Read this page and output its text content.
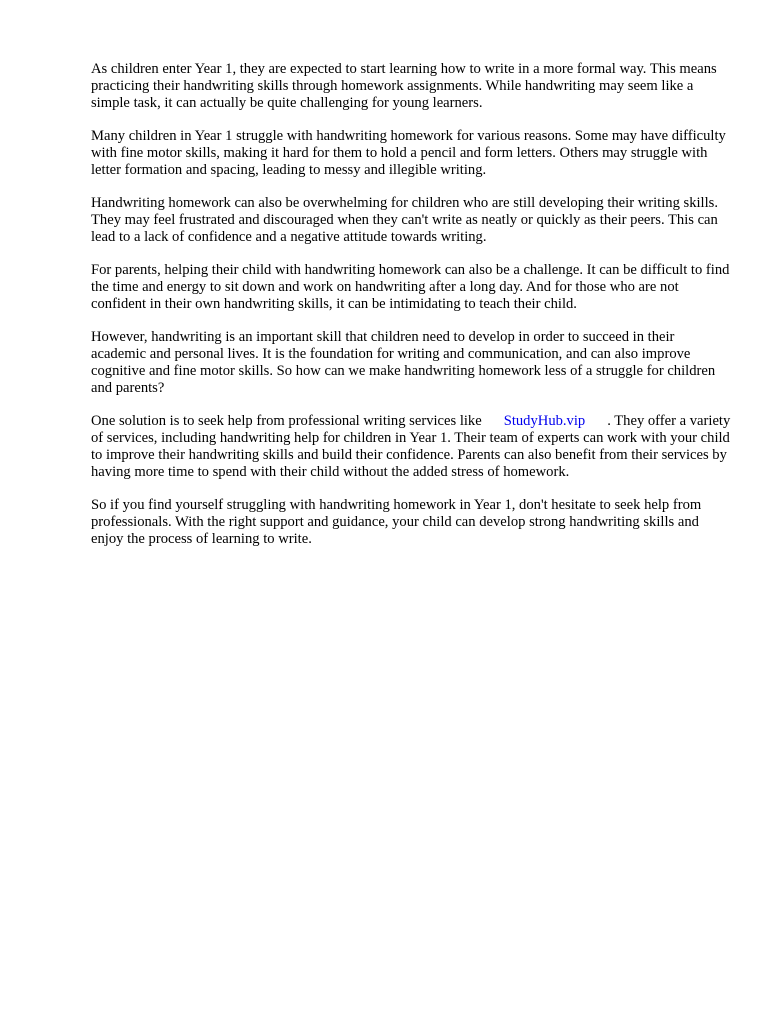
As children enter Year 1, they are expected to start learning how to write in a more formal way. This means practicing their handwriting skills through homework assignments. While handwriting may seem like a simple task, it can actually be quite challenging for young learners.

Many children in Year 1 struggle with handwriting homework for various reasons. Some may have difficulty with fine motor skills, making it hard for them to hold a pencil and form letters. Others may struggle with letter formation and spacing, leading to messy and illegible writing.

Handwriting homework can also be overwhelming for children who are still developing their writing skills. They may feel frustrated and discouraged when they can't write as neatly or quickly as their peers. This can lead to a lack of confidence and a negative attitude towards writing.

For parents, helping their child with handwriting homework can also be a challenge. It can be difficult to find the time and energy to sit down and work on handwriting after a long day. And for those who are not confident in their own handwriting skills, it can be intimidating to teach their child.

However, handwriting is an important skill that children need to develop in order to succeed in their academic and personal lives. It is the foundation for writing and communication, and can also improve cognitive and fine motor skills. So how can we make handwriting homework less of a struggle for children and parents?

One solution is to seek help from professional writing services like StudyHub.vip . They offer a variety of services, including handwriting help for children in Year 1. Their team of experts can work with your child to improve their handwriting skills and build their confidence. Parents can also benefit from their services by having more time to spend with their child without the added stress of homework.

So if you find yourself struggling with handwriting homework in Year 1, don't hesitate to seek help from professionals. With the right support and guidance, your child can develop strong handwriting skills and enjoy the process of learning to write.
